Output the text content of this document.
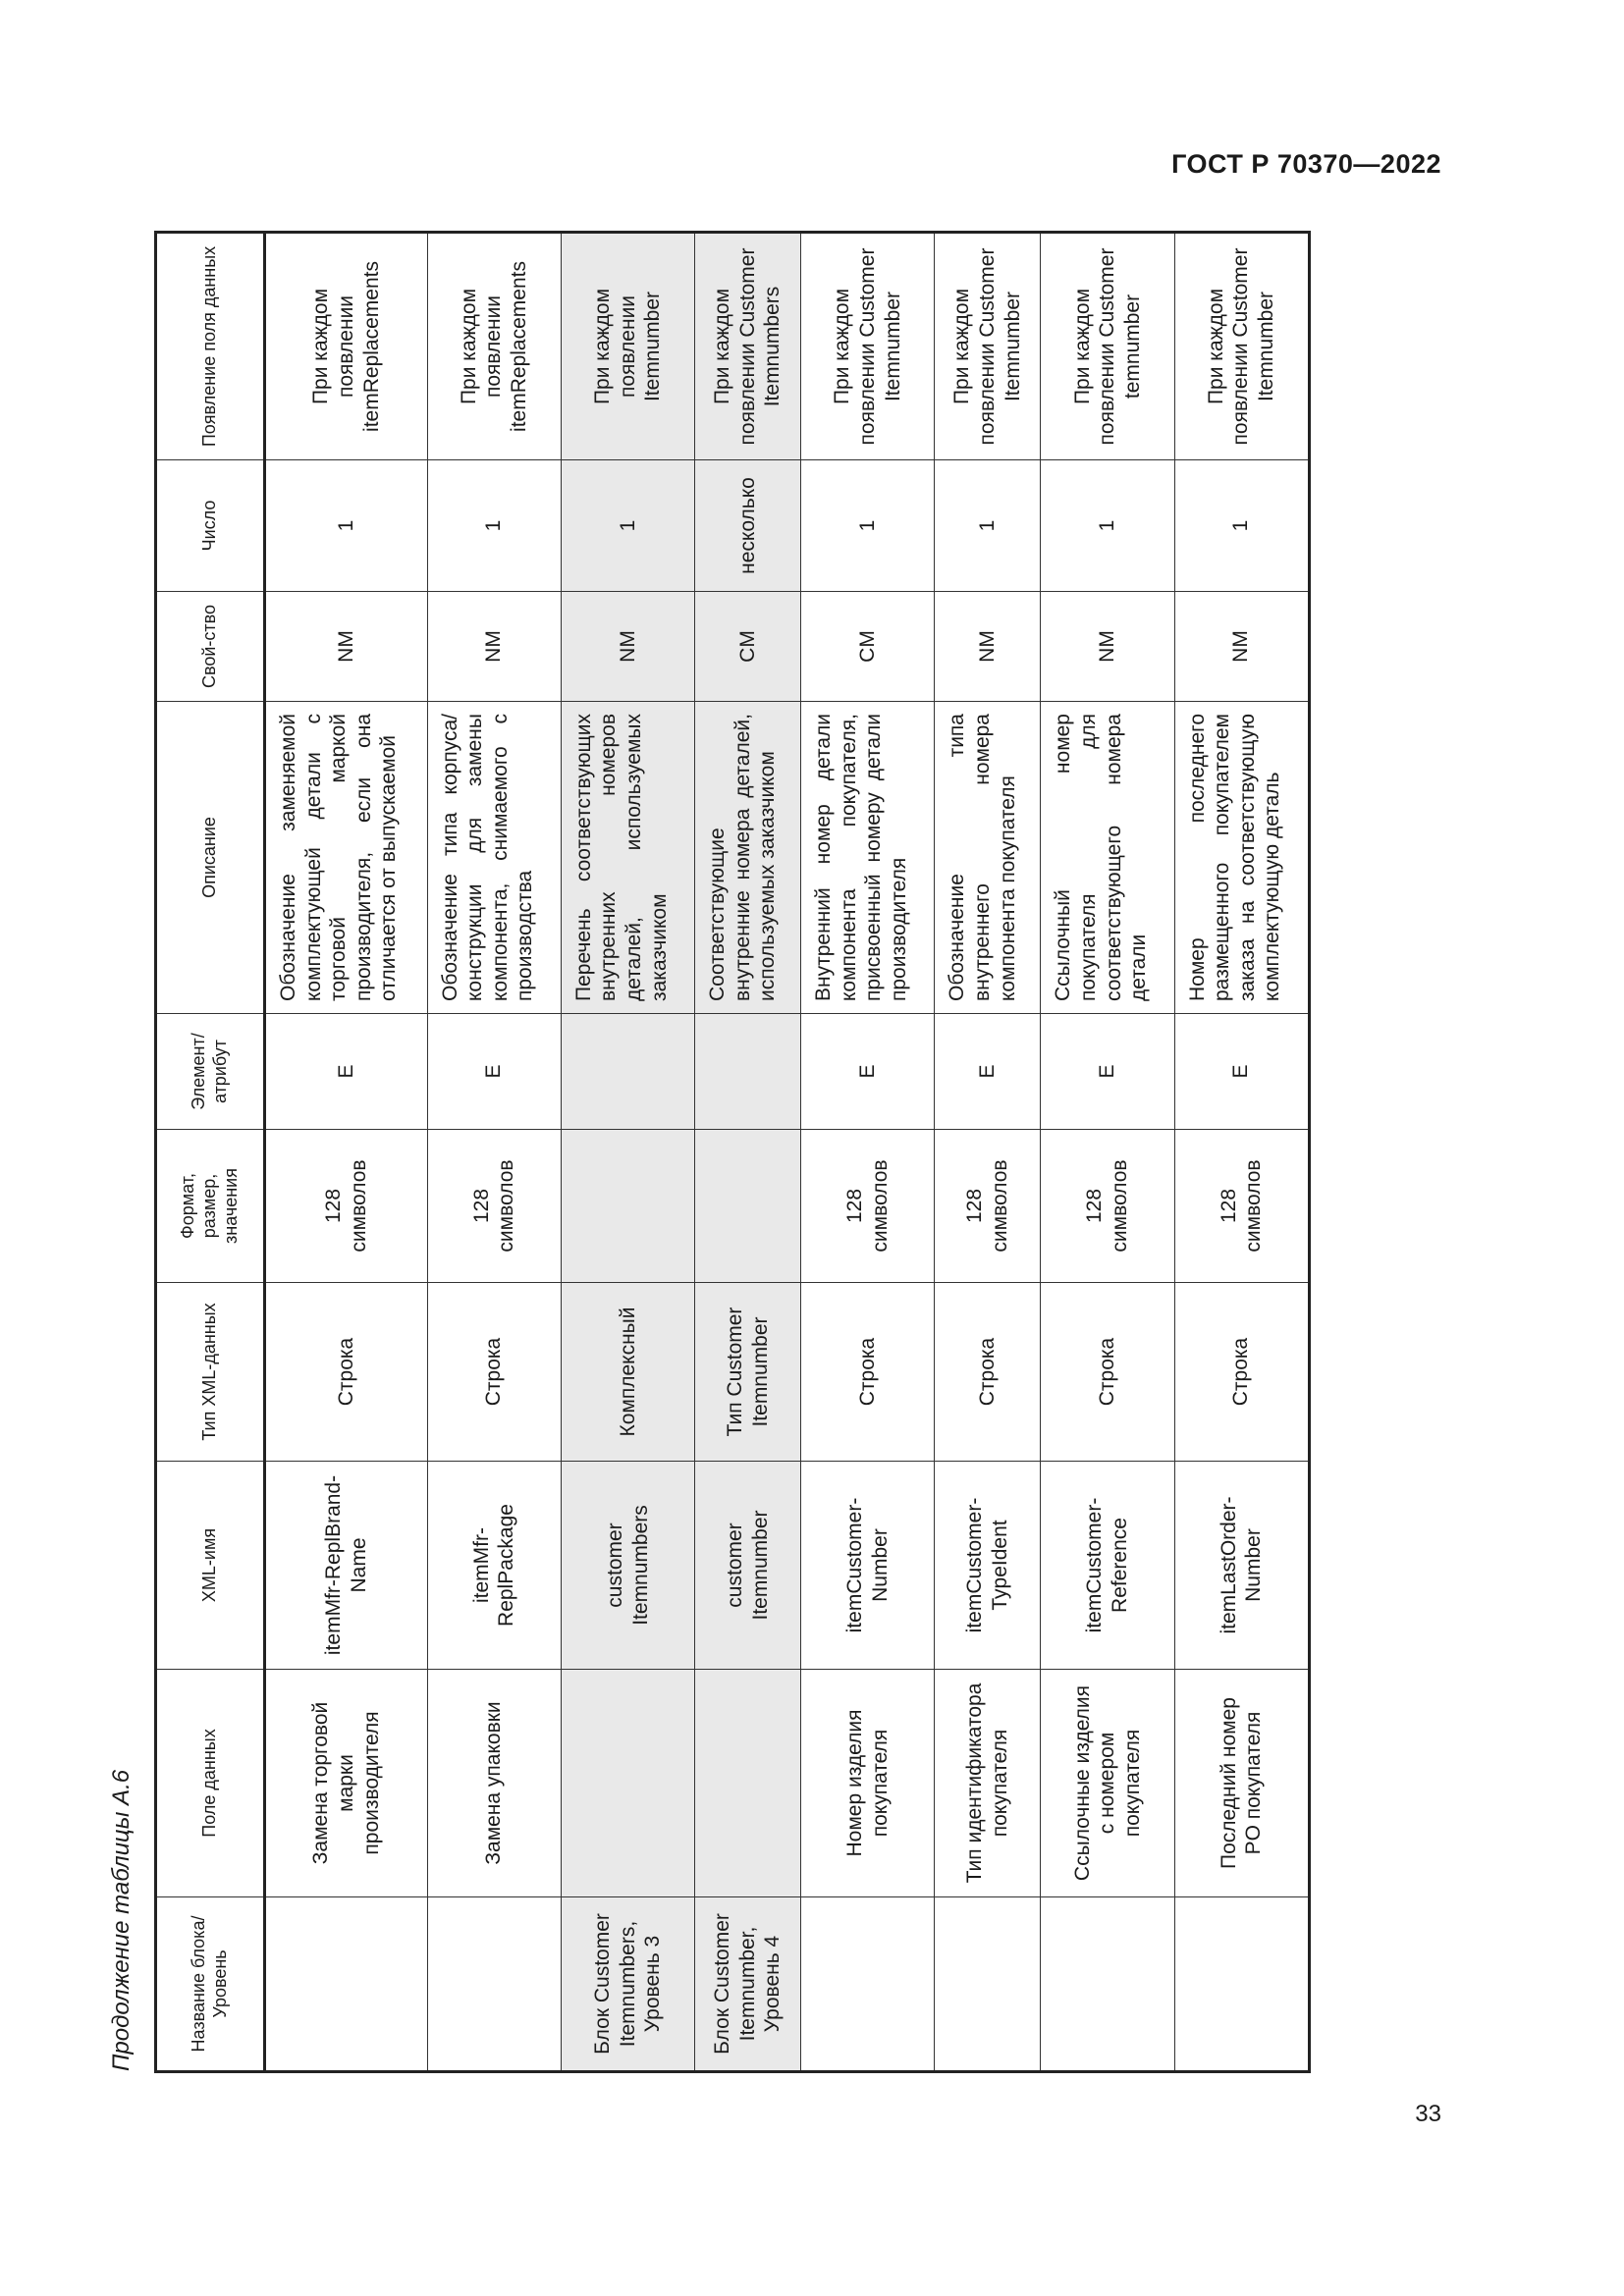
ГОСТ Р 70370—2022
Продолжение таблицы А.6	Название блока/ Уровень	Поле данных	XML-имя	Тип XML-данных	Формат, размер, значения	Элемент/ атрибут	Описание	Свой-ство	Число	Появление поля данных
	Замена торговой марки производителя	itemMfr-ReplBrand-Name	Строка	128 символов	E	Обозначение заменяемой комплектующей детали с торговой маркой производителя, если она отличается от выпускаемой	NM	1	При каждом появлении itemReplacements
	Замена упаковки	itemMfr-ReplPackage	Строка	128 символов	E	Обозначение типа корпуса/конструкции для замены компонента, снимаемого с производства	NM	1	При каждом появлении itemReplacements
Блок Customer Itemnumbers, Уровень 3		customer Itemnumbers	Комплексный			Перечень соответствующих внутренних номеров деталей, используемых заказчиком	NM	1	При каждом появлении Itemnumber
Блок Customer Itemnumber, Уровень 4		customer Itemnumber	Тип Customer Itemnumber			Соответствующие внутренние номера деталей, используемых заказчиком	CM	несколько	При каждом появлении Customer Itemnumbers
	Номер изделия покупателя	itemCustomer-Number	Строка	128 символов	E	Внутренний номер детали компонента покупателя, присвоенный номеру детали производителя	CM	1	При каждом появлении Customer Itemnumber
	Тип идентификатора покупателя	itemCustomer-TypeIdent	Строка	128 символов	E	Обозначение типа внутреннего номера компонента покупателя	NM	1	При каждом появлении Customer Itemnumber
	Ссылочные изделия с номером покупателя	itemCustomer-Reference	Строка	128 символов	E	Ссылочный номер покупателя для соответствующего номера детали	NM	1	При каждом появлении Customer temnumber
	Последний номер PO покупателя	itemLastOrder-Number	Строка	128 символов	E	Номер последнего размещенного покупателем заказа на соответствующую комплектующую деталь	NM	1	При каждом появлении Customer Itemnumber
33
